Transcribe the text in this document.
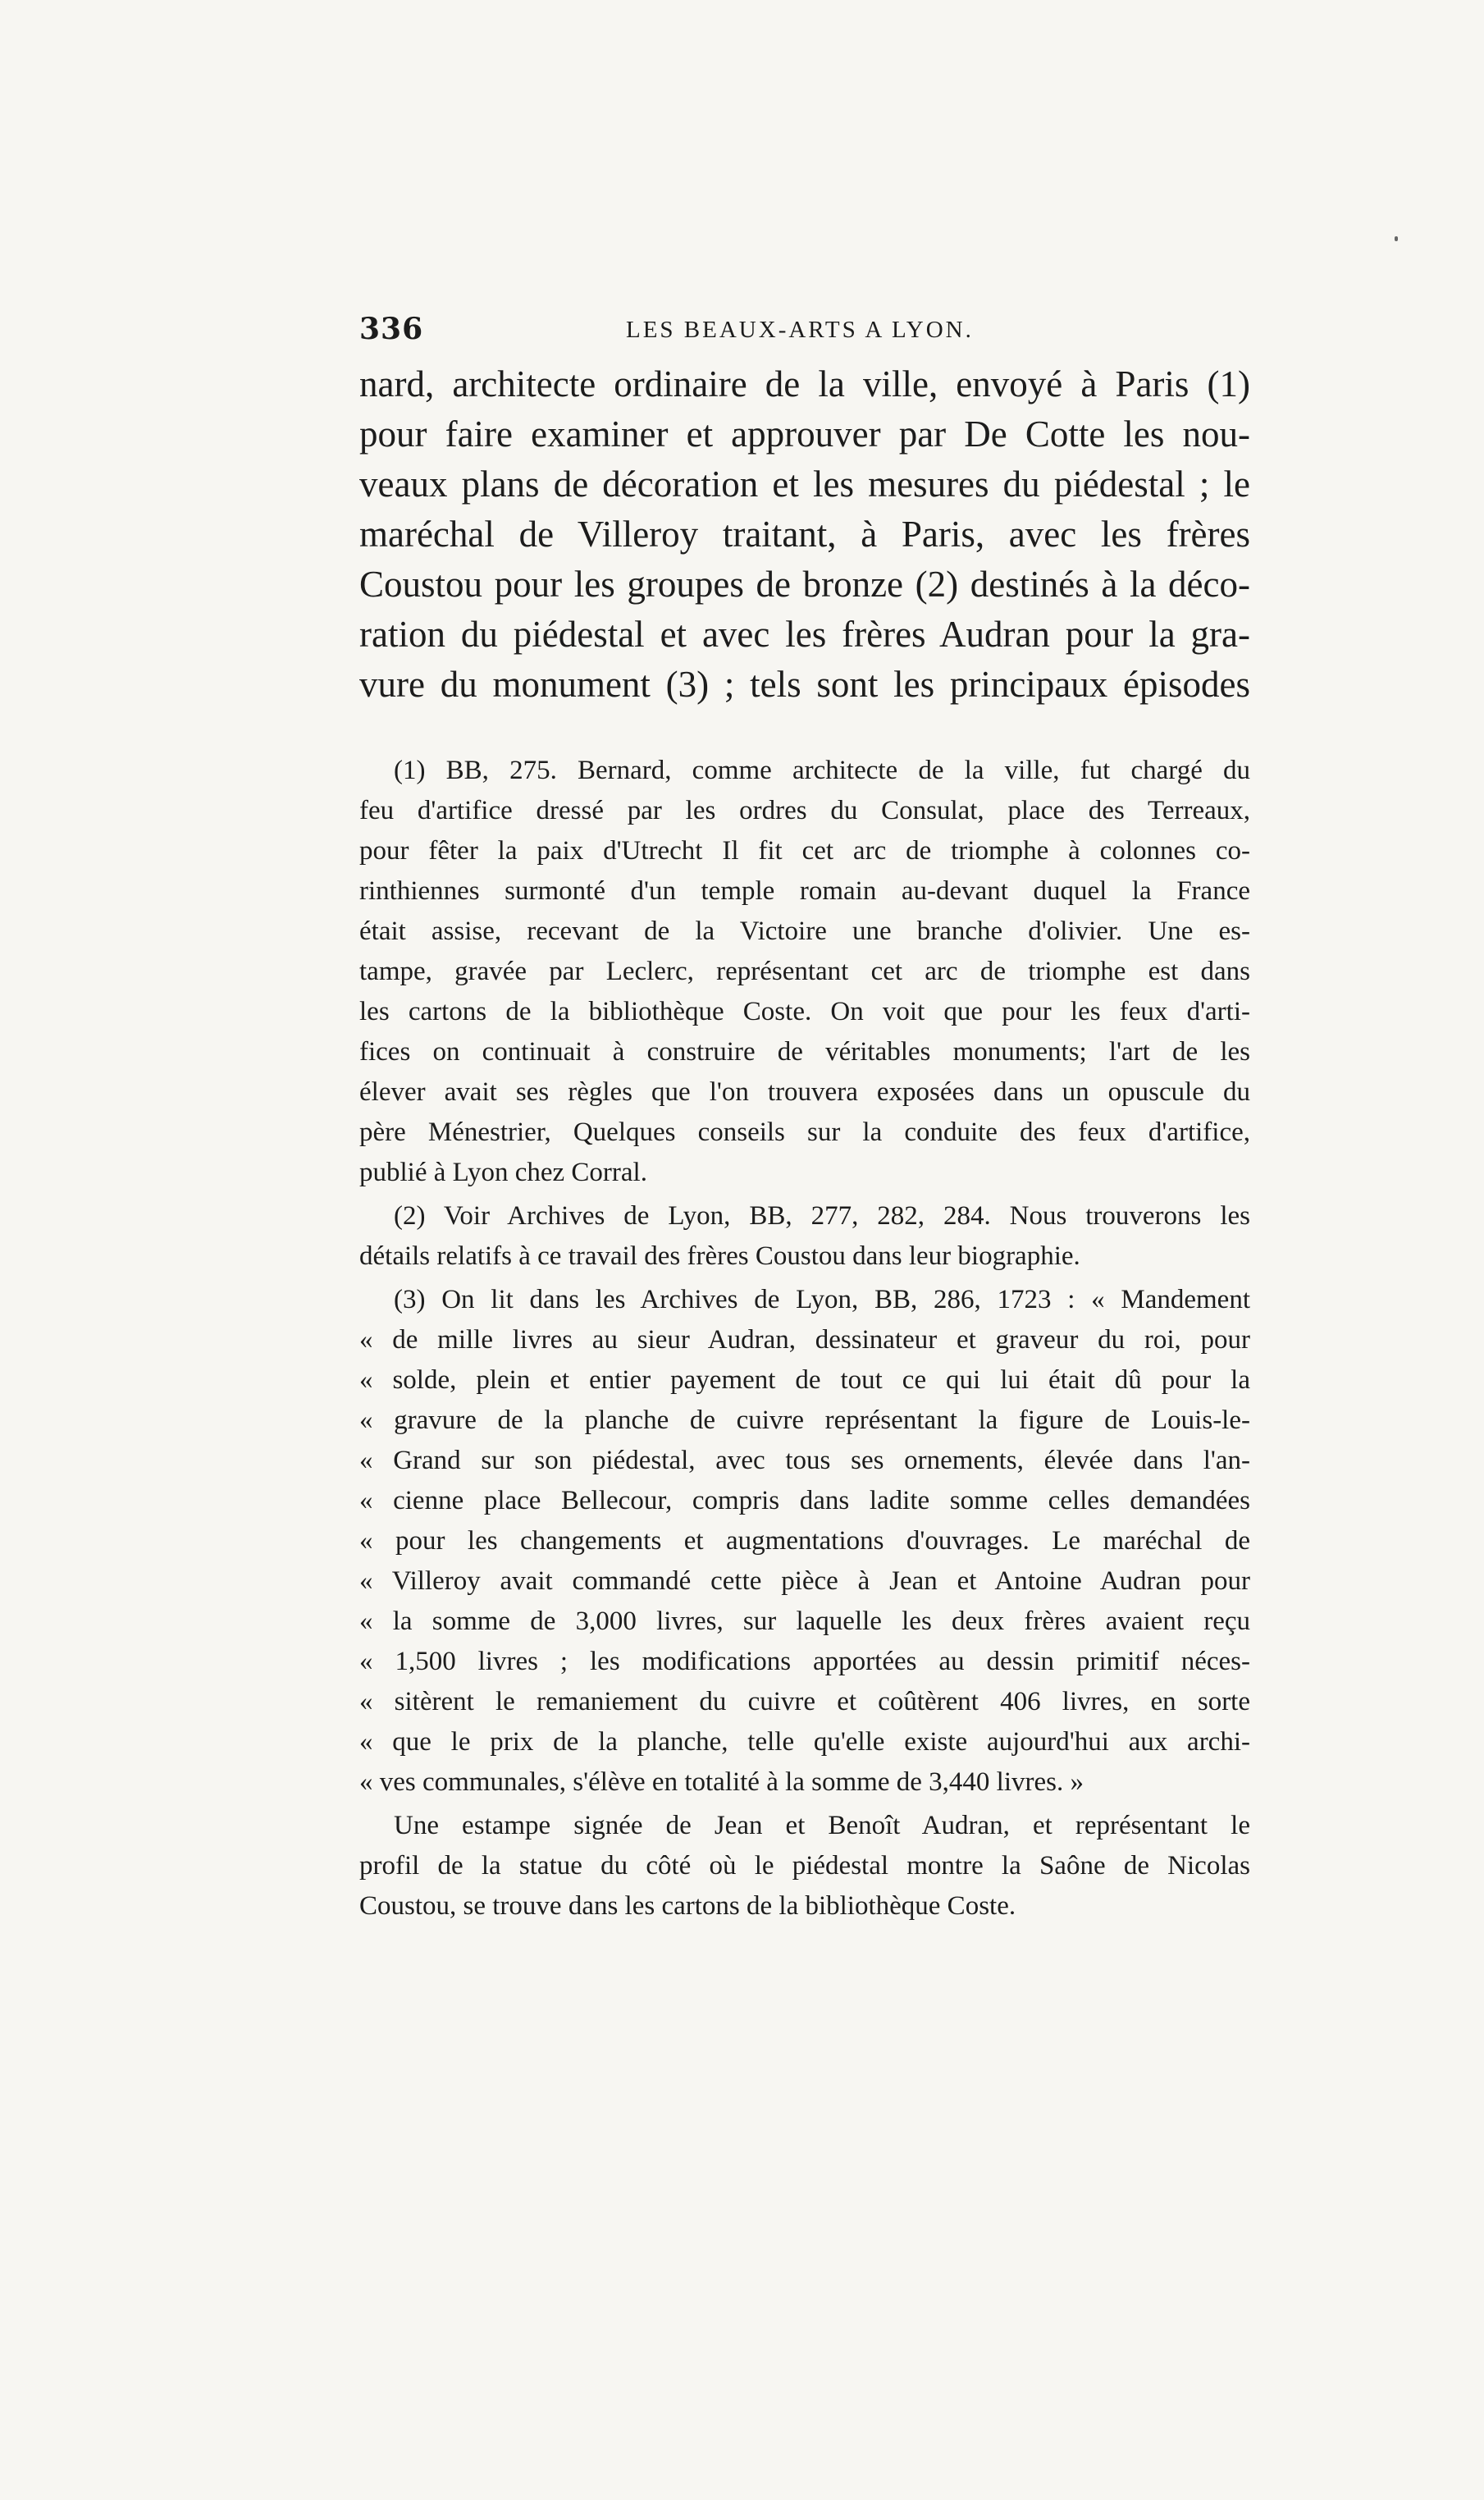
336	LES BEAUX-ARTS A LYON.
nard, architecte ordinaire de la ville, envoyé à Paris (1)
pour faire examiner et approuver par De Cotte les nou-
veaux plans de décoration et les mesures du piédestal ; le
maréchal de Villeroy traitant, à Paris, avec les frères
Coustou pour les groupes de bronze (2) destinés à la déco-
ration du piédestal et avec les frères Audran pour la gra-
vure du monument (3) ; tels sont les principaux épisodes
(1) BB, 275. Bernard, comme architecte de la ville, fut chargé du
feu d'artifice dressé par les ordres du Consulat, place des Terreaux,
pour fêter la paix d'Utrecht Il fit cet arc de triomphe à colonnes co-
rinthiennes surmonté d'un temple romain au-devant duquel la France
était assise, recevant de la Victoire une branche d'olivier. Une es-
tampe, gravée par Leclerc, représentant cet arc de triomphe est dans
les cartons de la bibliothèque Coste. On voit que pour les feux d'arti-
fices on continuait à construire de véritables monuments; l'art de les
élever avait ses règles que l'on trouvera exposées dans un opuscule du
père Ménestrier, Quelques conseils sur la conduite des feux d'artifice,
publié à Lyon chez Corral.
(2) Voir Archives de Lyon, BB, 277, 282, 284. Nous trouverons les
détails relatifs à ce travail des frères Coustou dans leur biographie.
(3) On lit dans les Archives de Lyon, BB, 286, 1723 : « Mandement
« de mille livres au sieur Audran, dessinateur et graveur du roi, pour
« solde, plein et entier payement de tout ce qui lui était dû pour la
« gravure de la planche de cuivre représentant la figure de Louis-le-
« Grand sur son piédestal, avec tous ses ornements, élevée dans l'an-
« cienne place Bellecour, compris dans ladite somme celles demandées
« pour les changements et augmentations d'ouvrages. Le maréchal de
« Villeroy avait commandé cette pièce à Jean et Antoine Audran pour
« la somme de 3,000 livres, sur laquelle les deux frères avaient reçu
« 1,500 livres ; les modifications apportées au dessin primitif néces-
« sitèrent le remaniement du cuivre et coûtèrent 406 livres, en sorte
« que le prix de la planche, telle qu'elle existe aujourd'hui aux archi-
« ves communales, s'élève en totalité à la somme de 3,440 livres. »
Une estampe signée de Jean et Benoît Audran, et représentant le
profil de la statue du côté où le piédestal montre la Saône de Nicolas
Coustou, se trouve dans les cartons de la bibliothèque Coste.
